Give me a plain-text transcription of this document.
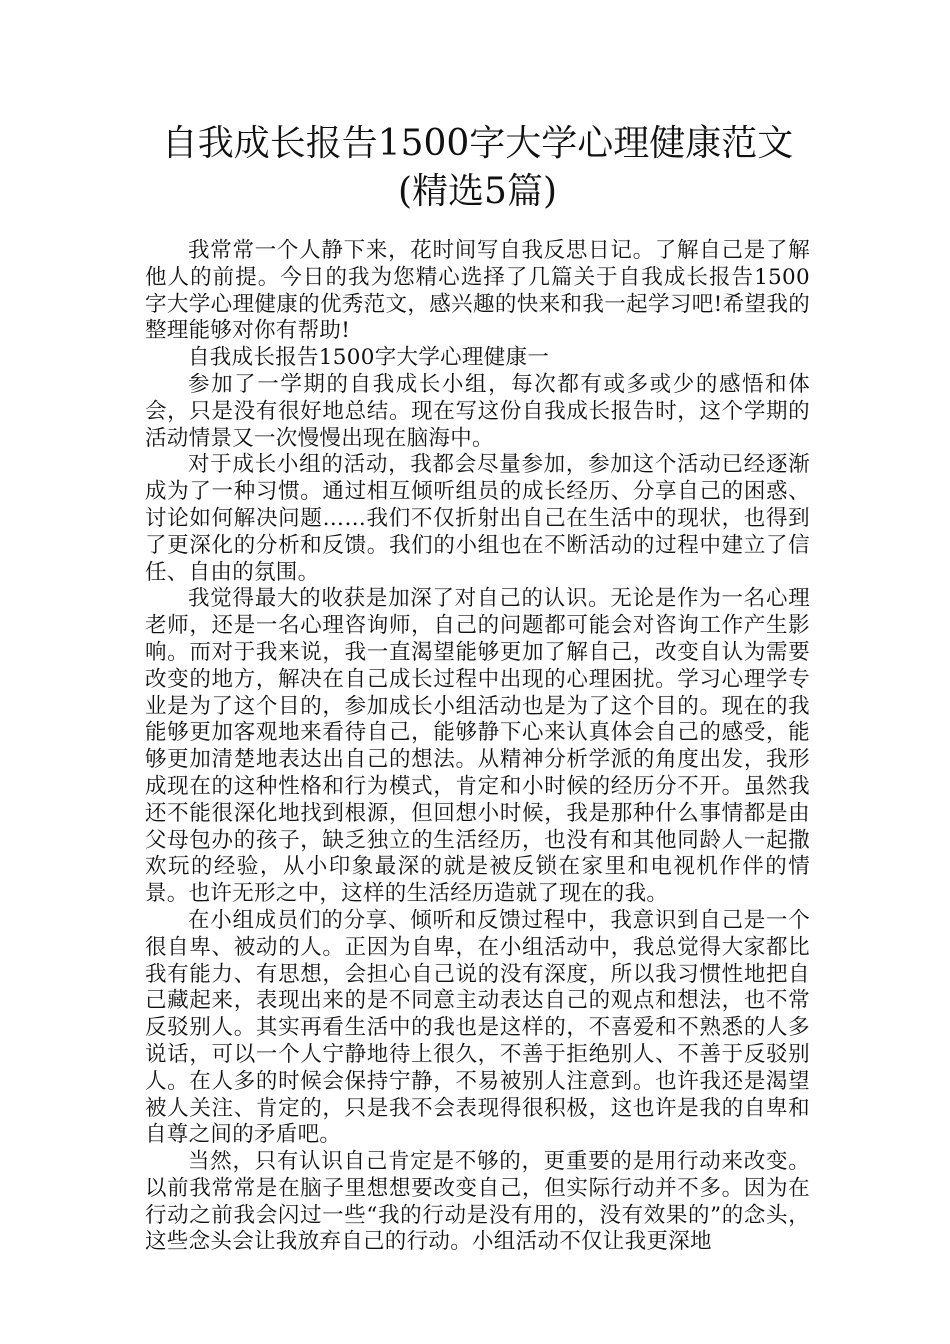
自我成长报告1500字大学心理健康范文
(精选5篇)

我常常一个人静下来，花时间写自我反思日记。了解自己是了解他人的前提。今日的我为您精心选择了几篇关于自我成长报告1500字大学心理健康的优秀范文，感兴趣的快来和我一起学习吧!希望我的整理能够对你有帮助!

自我成长报告1500字大学心理健康一

参加了一学期的自我成长小组，每次都有或多或少的感悟和体会，只是没有很好地总结。现在写这份自我成长报告时，这个学期的活动情景又一次慢慢出现在脑海中。

对于成长小组的活动，我都会尽量参加，参加这个活动已经逐渐成为了一种习惯。通过相互倾听组员的成长经历、分享自己的困惑、讨论如何解决问题……我们不仅折射出自己在生活中的现状，也得到了更深化的分析和反馈。我们的小组也在不断活动的过程中建立了信任、自由的氛围。

我觉得最大的收获是加深了对自己的认识。无论是作为一名心理老师，还是一名心理咨询师，自己的问题都可能会对咨询工作产生影响。而对于我来说，我一直渴望能够更加了解自己，改变自认为需要改变的地方，解决在自己成长过程中出现的心理困扰。学习心理学专业是为了这个目的，参加成长小组活动也是为了这个目的。现在的我能够更加客观地来看待自己，能够静下心来认真体会自己的感受，能够更加清楚地表达出自己的想法。从精神分析学派的角度出发，我形成现在的这种性格和行为模式，肯定和小时候的经历分不开。虽然我还不能很深化地找到根源，但回想小时候，我是那种什么事情都是由父母包办的孩子，缺乏独立的生活经历，也没有和其他同龄人一起撒欢玩的经验，从小印象最深的就是被反锁在家里和电视机作伴的情景。也许无形之中，这样的生活经历造就了现在的我。

在小组成员们的分享、倾听和反馈过程中，我意识到自己是一个很自卑、被动的人。正因为自卑，在小组活动中，我总觉得大家都比我有能力、有思想，会担心自己说的没有深度，所以我习惯性地把自己藏起来，表现出来的是不同意主动表达自己的观点和想法，也不常反驳别人。其实再看生活中的我也是这样的，不喜爱和不熟悉的人多说话，可以一个人宁静地待上很久，不善于拒绝别人、不善于反驳别人。在人多的时候会保持宁静，不易被别人注意到。也许我还是渴望被人关注、肯定的，只是我不会表现得很积极，这也许是我的自卑和自尊之间的矛盾吧。

当然，只有认识自己肯定是不够的，更重要的是用行动来改变。以前我常常是在脑子里想想要改变自己，但实际行动并不多。因为在行动之前我会闪过一些“我的行动是没有用的，没有效果的”的念头，这些念头会让我放弃自己的行动。小组活动不仅让我更深地
